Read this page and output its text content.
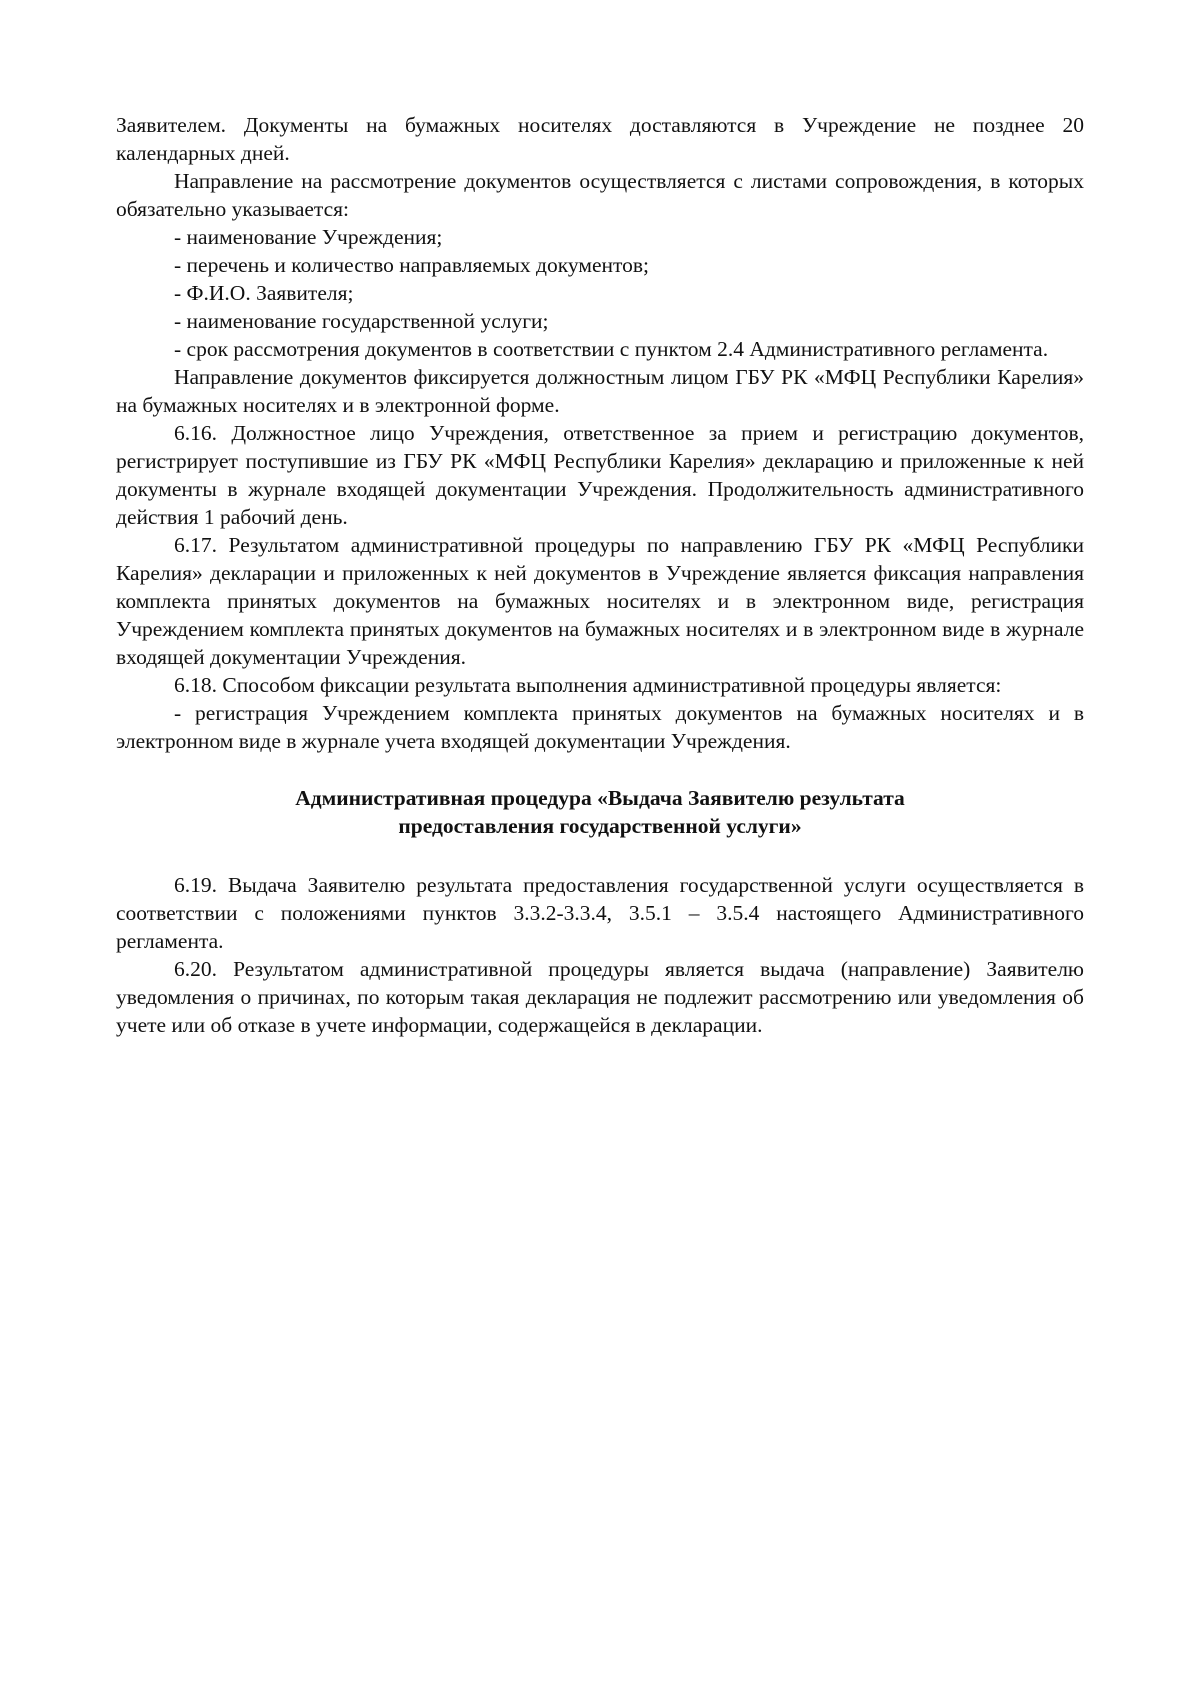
Заявителем. Документы на бумажных носителях доставляются в Учреждение не позднее 20 календарных дней.

Направление на рассмотрение документов осуществляется с листами сопровождения, в которых обязательно указывается:

- наименование Учреждения;

- перечень и количество направляемых документов;

- Ф.И.О. Заявителя;

- наименование государственной услуги;

- срок рассмотрения документов в соответствии с пунктом 2.4 Административного регламента.

Направление документов фиксируется должностным лицом ГБУ РК «МФЦ Республики Карелия» на бумажных носителях и в электронной форме.

6.16. Должностное лицо Учреждения, ответственное за прием и регистрацию документов, регистрирует поступившие из ГБУ РК «МФЦ Республики Карелия» декларацию и приложенные к ней документы в журнале входящей документации Учреждения. Продолжительность административного действия 1 рабочий день.

6.17. Результатом административной процедуры по направлению ГБУ РК «МФЦ Республики Карелия» декларации и приложенных к ней документов в Учреждение является фиксация направления комплекта принятых документов на бумажных носителях и в электронном виде, регистрация Учреждением комплекта принятых документов на бумажных носителях и в электронном виде в журнале входящей документации Учреждения.

6.18. Способом фиксации результата выполнения административной процедуры является:

- регистрация Учреждением комплекта принятых документов на бумажных носителях и в электронном виде в журнале учета входящей документации Учреждения.

Административная процедура «Выдача Заявителю результата
предоставления государственной услуги»

6.19. Выдача Заявителю результата предоставления государственной услуги осуществляется в соответствии с положениями пунктов 3.3.2-3.3.4, 3.5.1 – 3.5.4 настоящего Административного регламента.

6.20. Результатом административной процедуры является выдача (направление) Заявителю уведомления о причинах, по которым такая декларация не подлежит рассмотрению или уведомления об учете или об отказе в учете информации, содержащейся в декларации.
